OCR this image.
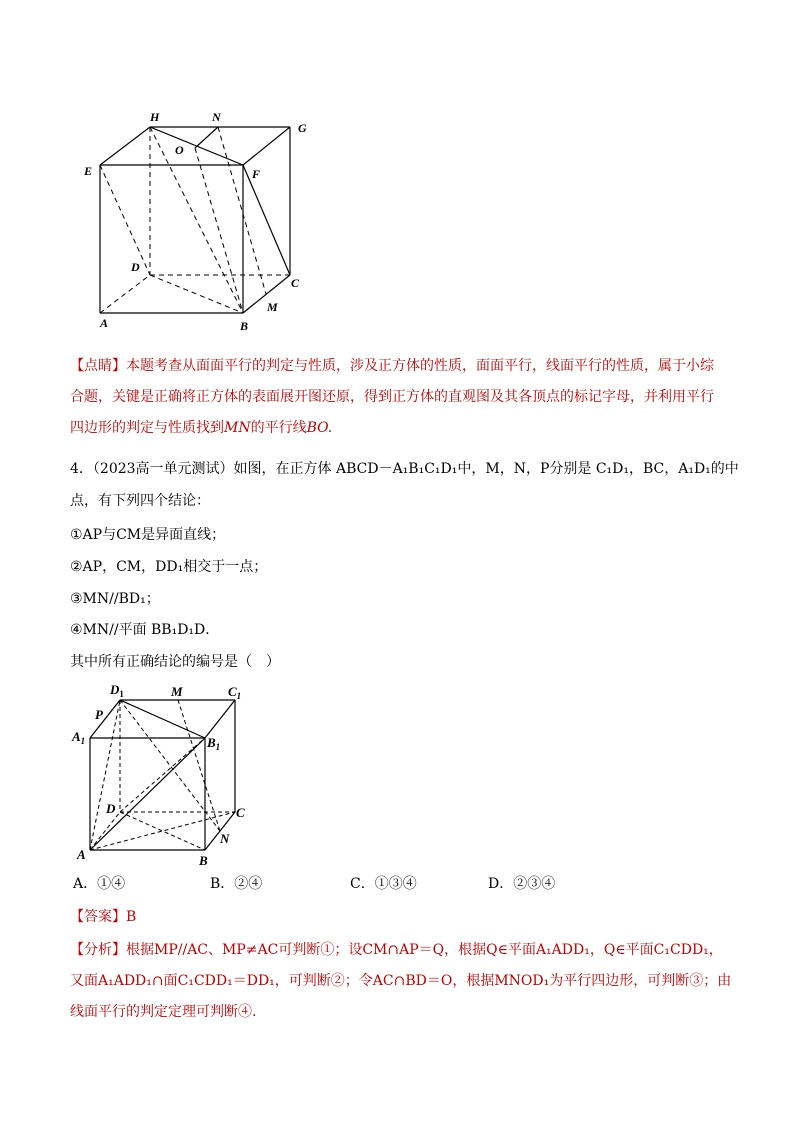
H	N
G
O
E	F
D
C
M
A	B
【点睛】本题考查从面面平行的判定与性质，涉及正方体的性质，面面平行，线面平行的性质，属于小综
合题，关键是正确将正方体的表面展开图还原，得到正方体的直观图及其各顶点的标记字母，并利用平行
四边形的判定与性质找到MN的平行线BO.
4．（2023高一单元测试）如图，在正方体 ABCD－A₁B₁C₁D₁中，M，N，P分别是 C₁D₁，BC，A₁D₁的中
点，有下列四个结论：
①AP与CM是异面直线；
②AP，CM，DD₁相交于一点；
③MN//BD₁；
④MN//平面 BB₁D₁D．
其中所有正确结论的编号是（　）
$D_1$	M	$C_1$
P
$A_1$	$B_1$
D	C
N
A	B
A．①④	B．②④	C．①③④	D．②③④
【答案】B
【分析】根据MP//AC、MP≠AC可判断①；设CM∩AP＝Q，根据Q∈平面A₁ADD₁，Q∈平面C₁CDD₁，
又面A₁ADD₁∩面C₁CDD₁＝DD₁，可判断②；令AC∩BD＝O，根据MNOD₁为平行四边形，可判断③；由
线面平行的判定定理可判断④．
